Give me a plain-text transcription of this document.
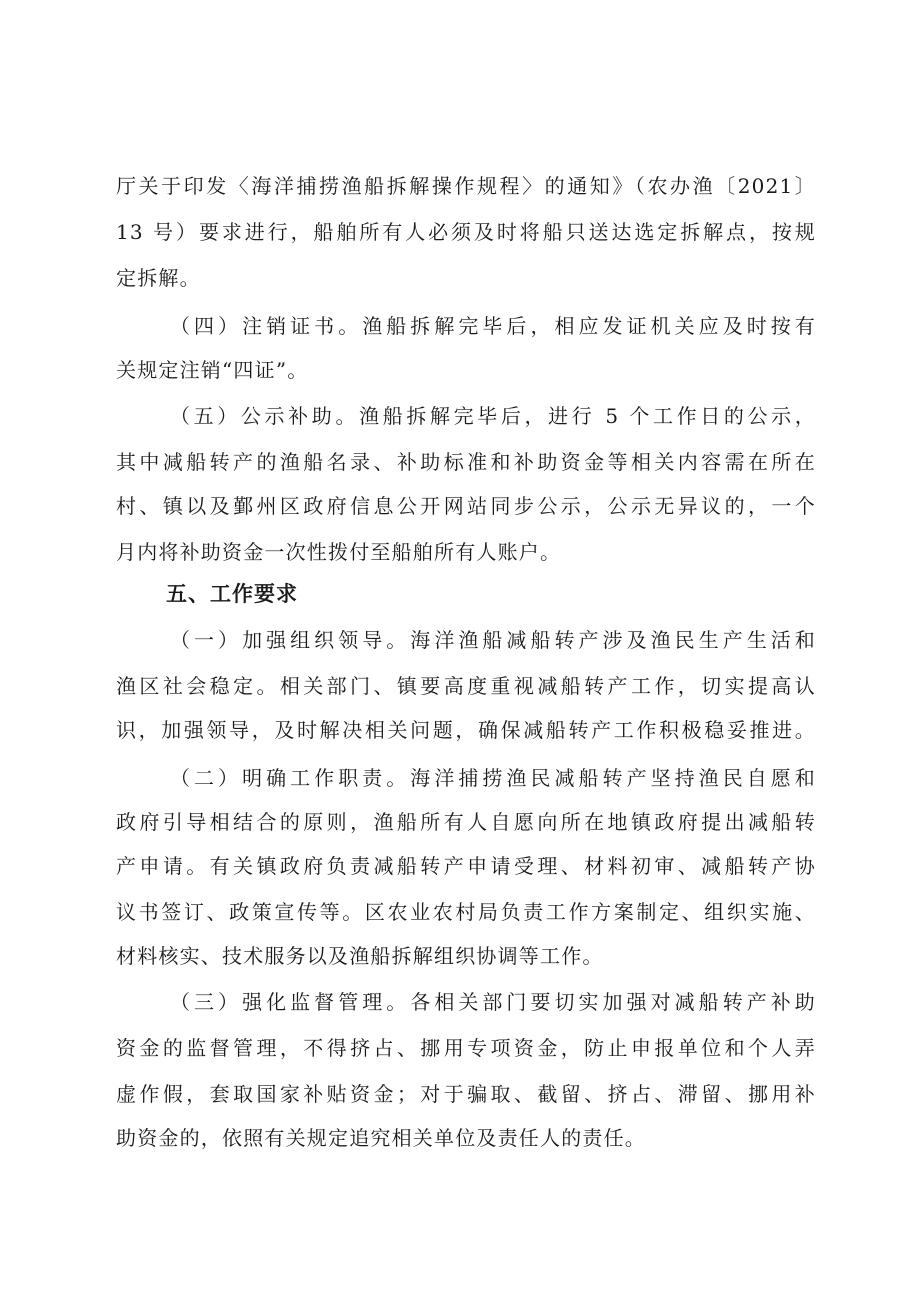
厅关于印发〈海洋捕捞渔船拆解操作规程〉的通知》（农办渔〔2021〕
13 号）要求进行，船舶所有人必须及时将船只送达选定拆解点，按规
定拆解。
（四）注销证书。渔船拆解完毕后，相应发证机关应及时按有
关规定注销“四证”。
（五）公示补助。渔船拆解完毕后，进行 5 个工作日的公示，
其中减船转产的渔船名录、补助标准和补助资金等相关内容需在所在
村、镇以及鄞州区政府信息公开网站同步公示，公示无异议的，一个
月内将补助资金一次性拨付至船舶所有人账户。
五、工作要求
（一）加强组织领导。海洋渔船减船转产涉及渔民生产生活和
渔区社会稳定。相关部门、镇要高度重视减船转产工作，切实提高认
识，加强领导，及时解决相关问题，确保减船转产工作积极稳妥推进。
（二）明确工作职责。海洋捕捞渔民减船转产坚持渔民自愿和
政府引导相结合的原则，渔船所有人自愿向所在地镇政府提出减船转
产申请。有关镇政府负责减船转产申请受理、材料初审、减船转产协
议书签订、政策宣传等。区农业农村局负责工作方案制定、组织实施、
材料核实、技术服务以及渔船拆解组织协调等工作。
（三）强化监督管理。各相关部门要切实加强对减船转产补助
资金的监督管理，不得挤占、挪用专项资金，防止申报单位和个人弄
虚作假，套取国家补贴资金；对于骗取、截留、挤占、滞留、挪用补
助资金的，依照有关规定追究相关单位及责任人的责任。
